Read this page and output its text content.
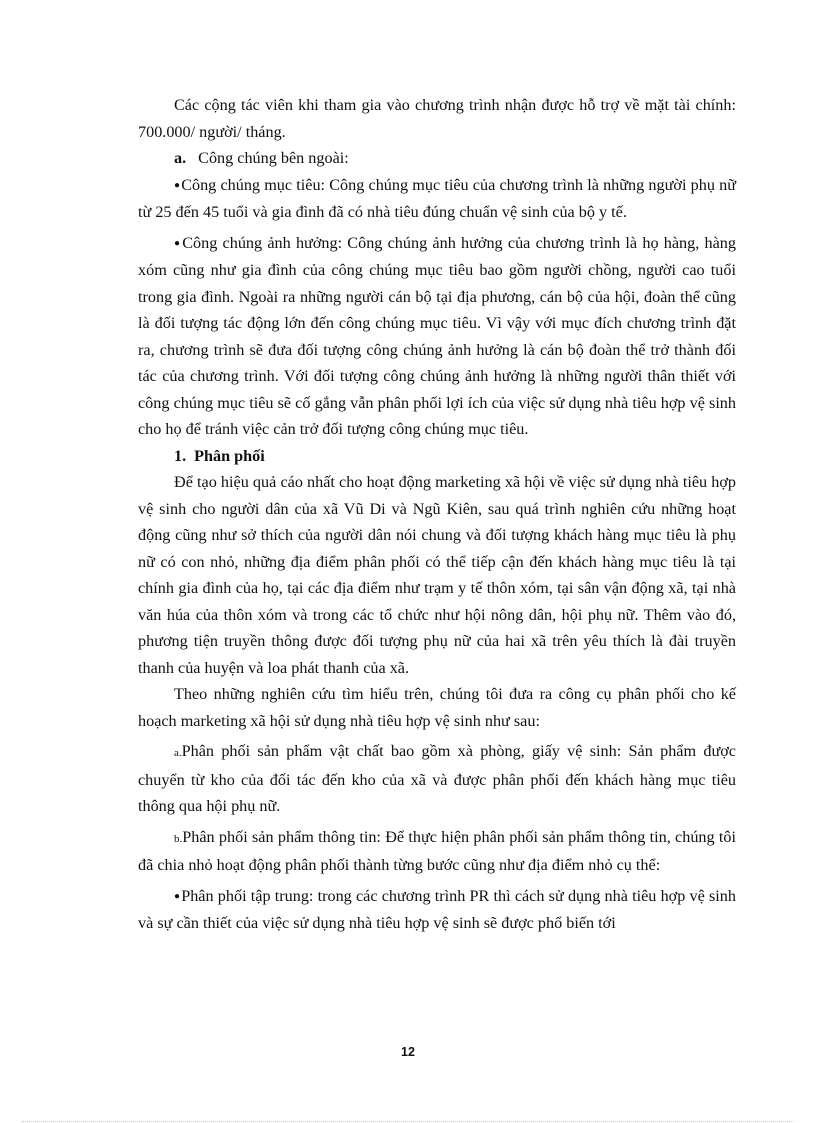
Các cộng tác viên khi tham gia vào chương trình nhận được hỗ trợ về mặt tài chính: 700.000/ người/ tháng.

a. Công chúng bên ngoài:

● Công chúng mục tiêu: Công chúng mục tiêu của chương trình là những người phụ nữ từ 25 đến 45 tuổi và gia đình đã có nhà tiêu đúng chuẩn vệ sinh của bộ y tế.

● Công chúng ảnh hưởng: Công chúng ảnh hưởng của chương trình là họ hàng, hàng xóm cũng như gia đình của công chúng mục tiêu bao gồm người chồng, người cao tuổi trong gia đình. Ngoài ra những người cán bộ tại địa phương, cán bộ của hội, đoàn thể cũng là đối tượng tác động lớn đến công chúng mục tiêu. Vì vậy với mục đích chương trình đặt ra, chương trình sẽ đưa đối tượng công chúng ảnh hưởng là cán bộ đoàn thể trở thành đối tác của chương trình. Với đối tượng công chúng ảnh hưởng là những người thân thiết với công chúng mục tiêu sẽ cố gắng vẫn phân phối lợi ích của việc sử dụng nhà tiêu hợp vệ sinh cho họ để tránh việc cản trở đối tượng công chúng mục tiêu.

1. Phân phối

Để tạo hiệu quả cáo nhất cho hoạt động marketing xã hội về việc sử dụng nhà tiêu hợp vệ sinh cho người dân của xã Vũ Di và Ngũ Kiên, sau quá trình nghiên cứu những hoạt động cũng như sở thích của người dân nói chung và đối tượng khách hàng mục tiêu là phụ nữ có con nhỏ, những địa điểm phân phối có thể tiếp cận đến khách hàng mục tiêu là tại chính gia đình của họ, tại các địa điểm như trạm y tế thôn xóm, tại sân vận động xã, tại nhà văn húa của thôn xóm và trong các tổ chức như hội nông dân, hội phụ nữ. Thêm vào đó, phương tiện truyền thông được đối tượng phụ nữ của hai xã trên yêu thích là đài truyền thanh của huyện và loa phát thanh của xã.

Theo những nghiên cứu tìm hiểu trên, chúng tôi đưa ra công cụ phân phối cho kế hoạch marketing xã hội sử dụng nhà tiêu hợp vệ sinh như sau:

a.Phân phối sản phẩm vật chất bao gồm xà phòng, giấy vệ sinh: Sản phẩm được chuyển từ kho của đối tác đến kho của xã và được phân phối đến khách hàng mục tiêu thông qua hội phụ nữ.

b.Phân phối sản phẩm thông tin: Để thực hiện phân phối sản phẩm thông tin, chúng tôi đã chia nhỏ hoạt động phân phối thành từng bước cũng như địa điểm nhỏ cụ thể:

● Phân phối tập trung: trong các chương trình PR thì cách sử dụng nhà tiêu hợp vệ sinh và sự cần thiết của việc sử dụng nhà tiêu hợp vệ sinh sẽ được phổ biến tới

12
